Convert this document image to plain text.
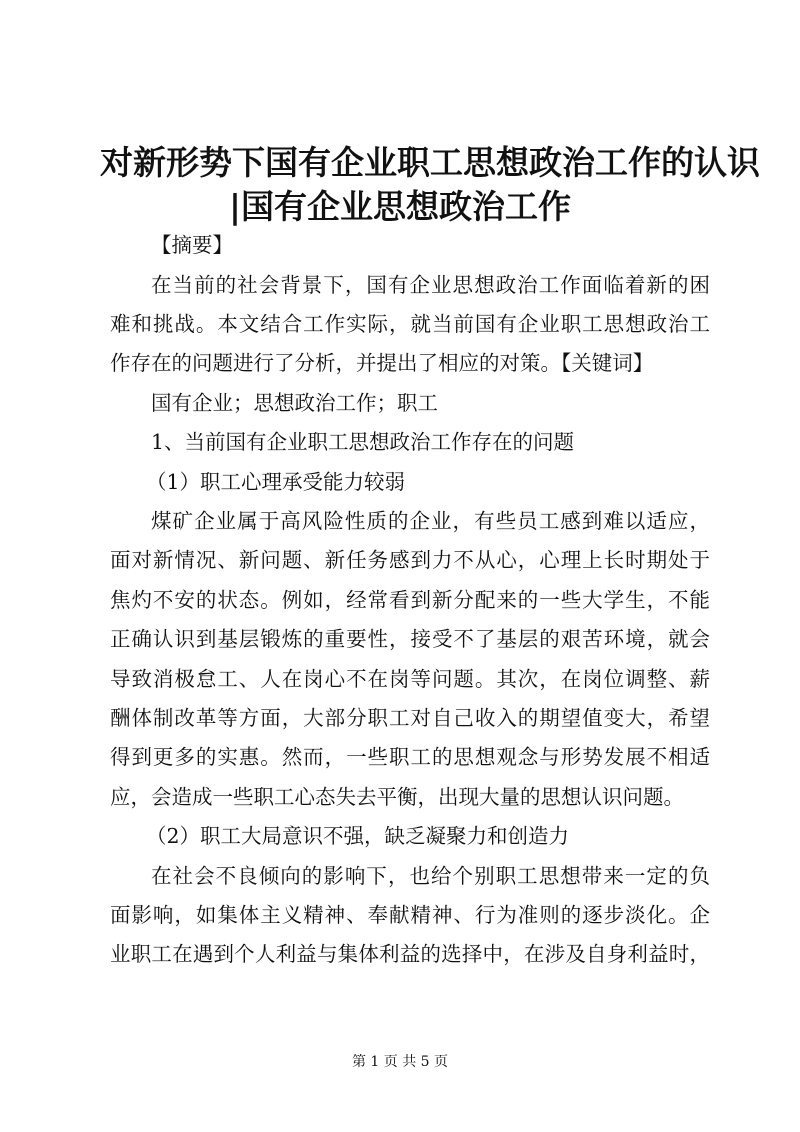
对新形势下国有企业职工思想政治工作的认识
|国有企业思想政治工作
【摘要】
在当前的社会背景下，国有企业思想政治工作面临着新的困
难和挑战。本文结合工作实际，就当前国有企业职工思想政治工
作存在的问题进行了分析，并提出了相应的对策。【关键词】
国有企业；思想政治工作；职工
1、当前国有企业职工思想政治工作存在的问题
（1）职工心理承受能力较弱
煤矿企业属于高风险性质的企业，有些员工感到难以适应，
面对新情况、新问题、新任务感到力不从心，心理上长时期处于
焦灼不安的状态。例如，经常看到新分配来的一些大学生，不能
正确认识到基层锻炼的重要性，接受不了基层的艰苦环境，就会
导致消极怠工、人在岗心不在岗等问题。其次，在岗位调整、薪
酬体制改革等方面，大部分职工对自己收入的期望值变大，希望
得到更多的实惠。然而，一些职工的思想观念与形势发展不相适
应，会造成一些职工心态失去平衡，出现大量的思想认识问题。
（2）职工大局意识不强，缺乏凝聚力和创造力
在社会不良倾向的影响下，也给个别职工思想带来一定的负
面影响，如集体主义精神、奉献精神、行为准则的逐步淡化。企
业职工在遇到个人利益与集体利益的选择中，在涉及自身利益时，
第 1 页 共 5 页
